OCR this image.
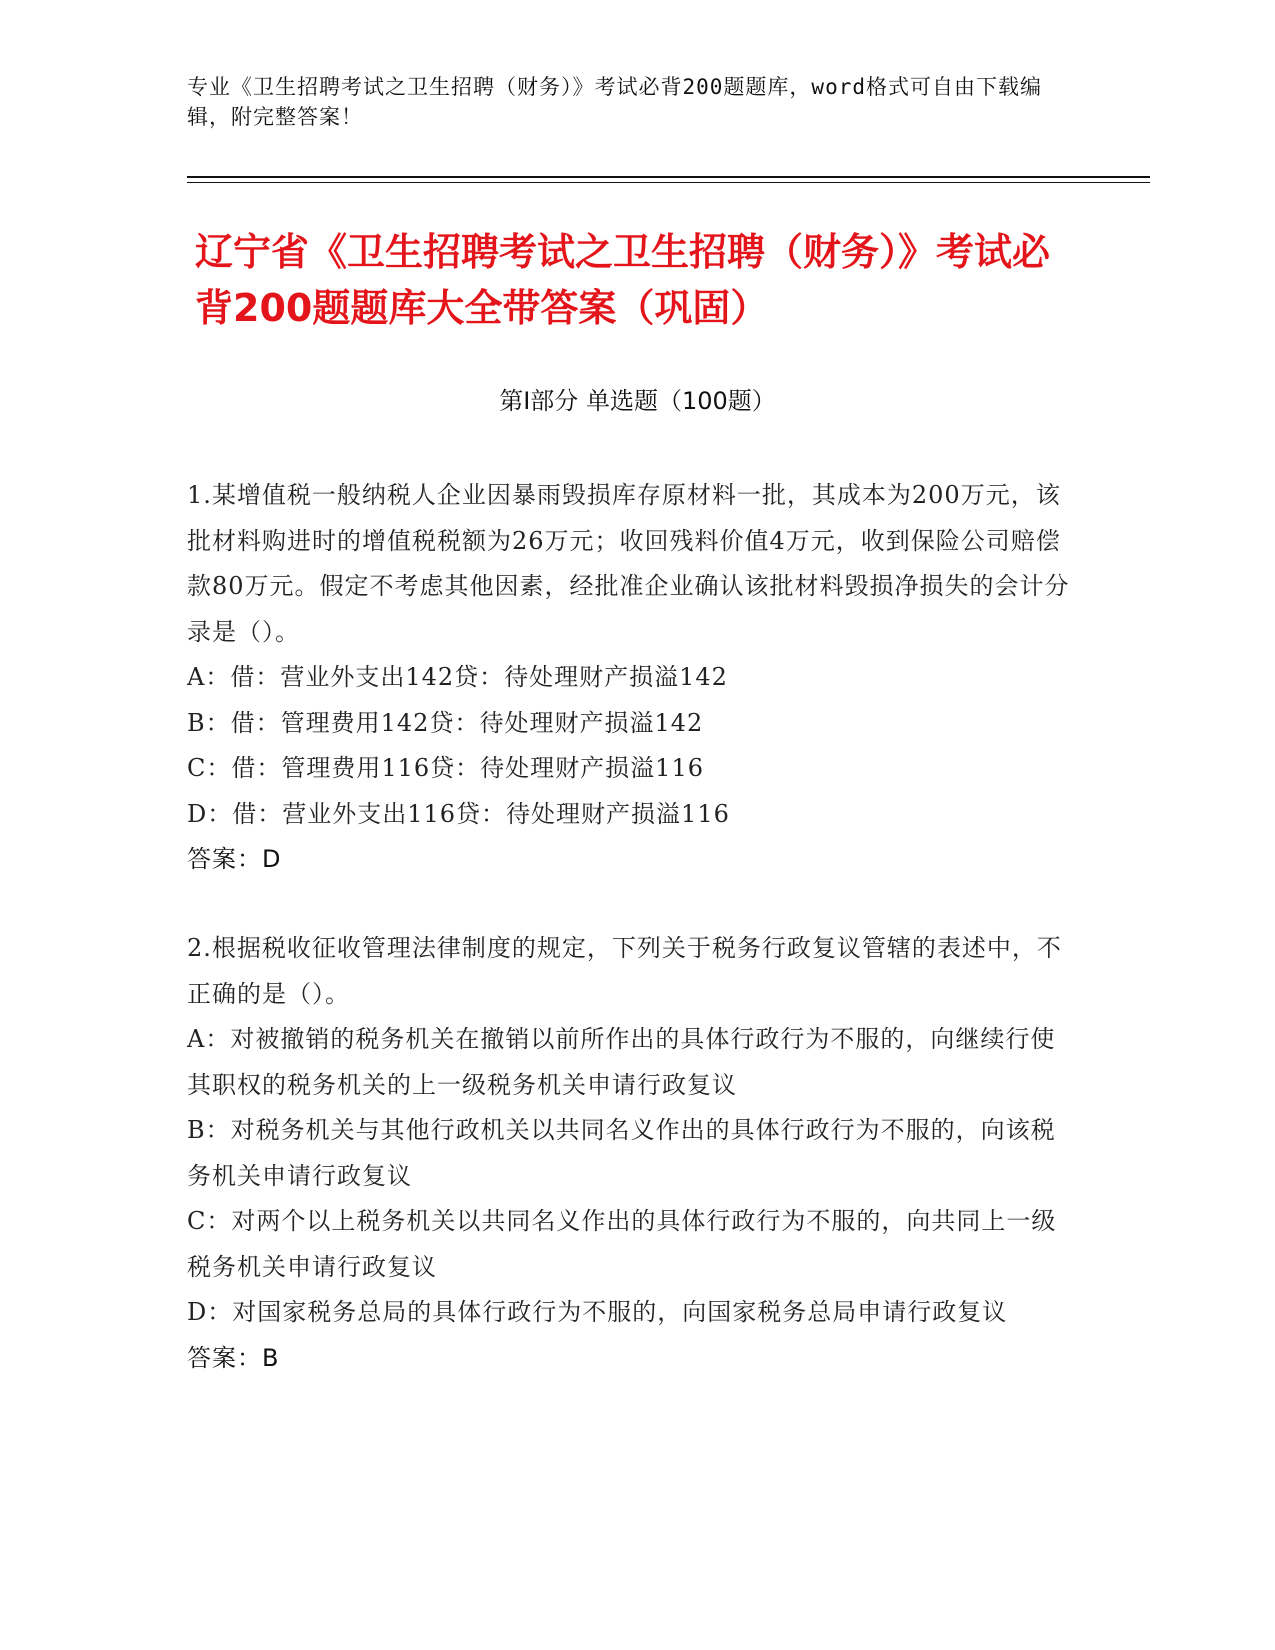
专业《卫生招聘考试之卫生招聘（财务）》考试必背200题题库，word格式可自由下载编辑，附完整答案！
辽宁省《卫生招聘考试之卫生招聘（财务）》考试必背200题题库大全带答案（巩固）
第I部分 单选题（100题）
1.某增值税一般纳税人企业因暴雨毁损库存原材料一批，其成本为200万元，该批材料购进时的增值税税额为26万元；收回残料价值4万元，收到保险公司赔偿款80万元。假定不考虑其他因素，经批准企业确认该批材料毁损净损失的会计分录是（）。
A：借：营业外支出142贷：待处理财产损溢142
B：借：管理费用142贷：待处理财产损溢142
C：借：管理费用116贷：待处理财产损溢116
D：借：营业外支出116贷：待处理财产损溢116
答案：D
2.根据税收征收管理法律制度的规定，下列关于税务行政复议管辖的表述中，不正确的是（）。
A：对被撤销的税务机关在撤销以前所作出的具体行政行为不服的，向继续行使其职权的税务机关的上一级税务机关申请行政复议
B：对税务机关与其他行政机关以共同名义作出的具体行政行为不服的，向该税务机关申请行政复议
C：对两个以上税务机关以共同名义作出的具体行政行为不服的，向共同上一级税务机关申请行政复议
D：对国家税务总局的具体行政行为不服的，向国家税务总局申请行政复议
答案：B
